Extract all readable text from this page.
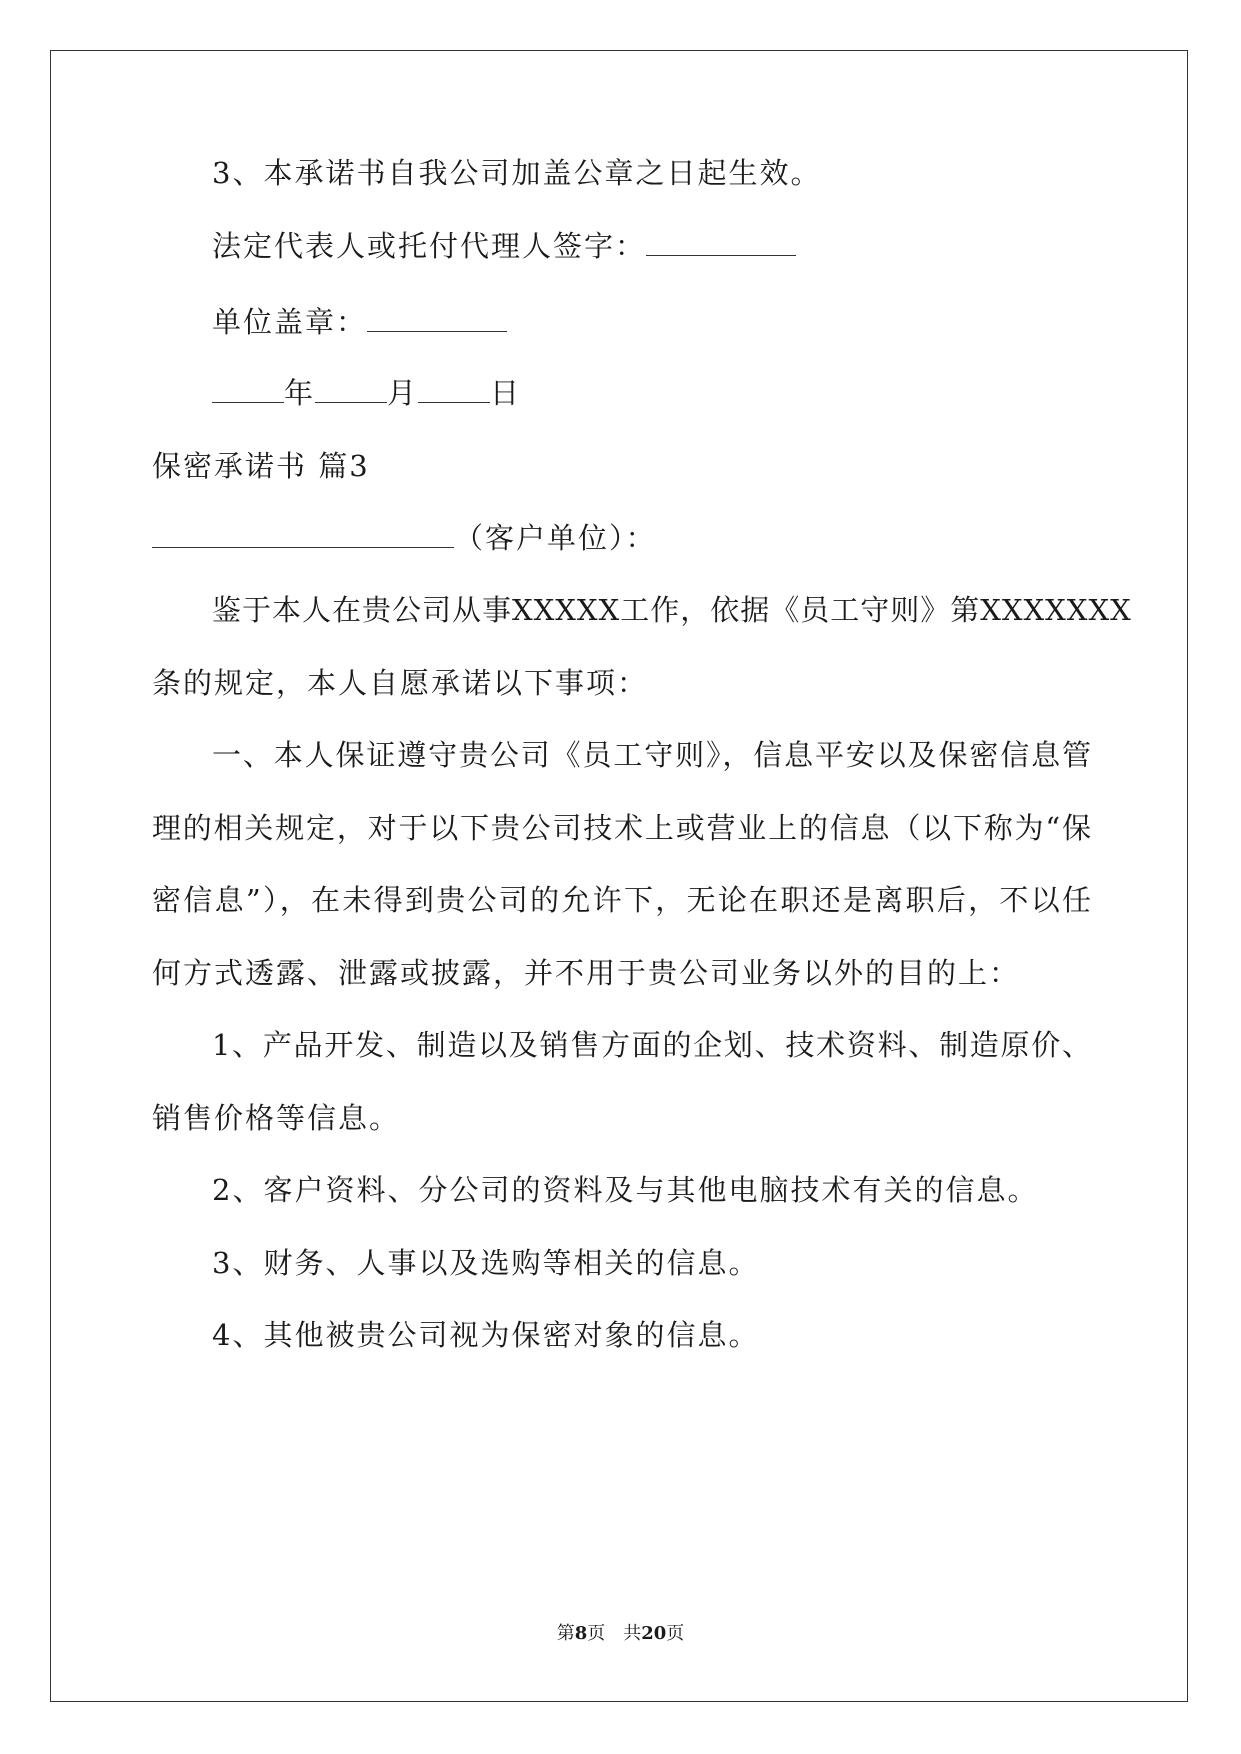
3、本承诺书自我公司加盖公章之日起生效。
法定代表人或托付代理人签字：
单位盖章：
年 月 日
保密承诺书 篇3
（客户单位）：
鉴于本人在贵公司从事XXXXX工作，依据《员工守则》第XXXXXXX
条的规定，本人自愿承诺以下事项：
一、本人保证遵守贵公司《员工守则》，信息平安以及保密信息管
理的相关规定，对于以下贵公司技术上或营业上的信息（以下称为“保
密信息”），在未得到贵公司的允许下，无论在职还是离职后，不以任
何方式透露、泄露或披露，并不用于贵公司业务以外的目的上：
1、产品开发、制造以及销售方面的企划、技术资料、制造原价、
销售价格等信息。
2、客户资料、分公司的资料及与其他电脑技术有关的信息。
3、财务、人事以及选购等相关的信息。
4、其他被贵公司视为保密对象的信息。
第8页　共20页
